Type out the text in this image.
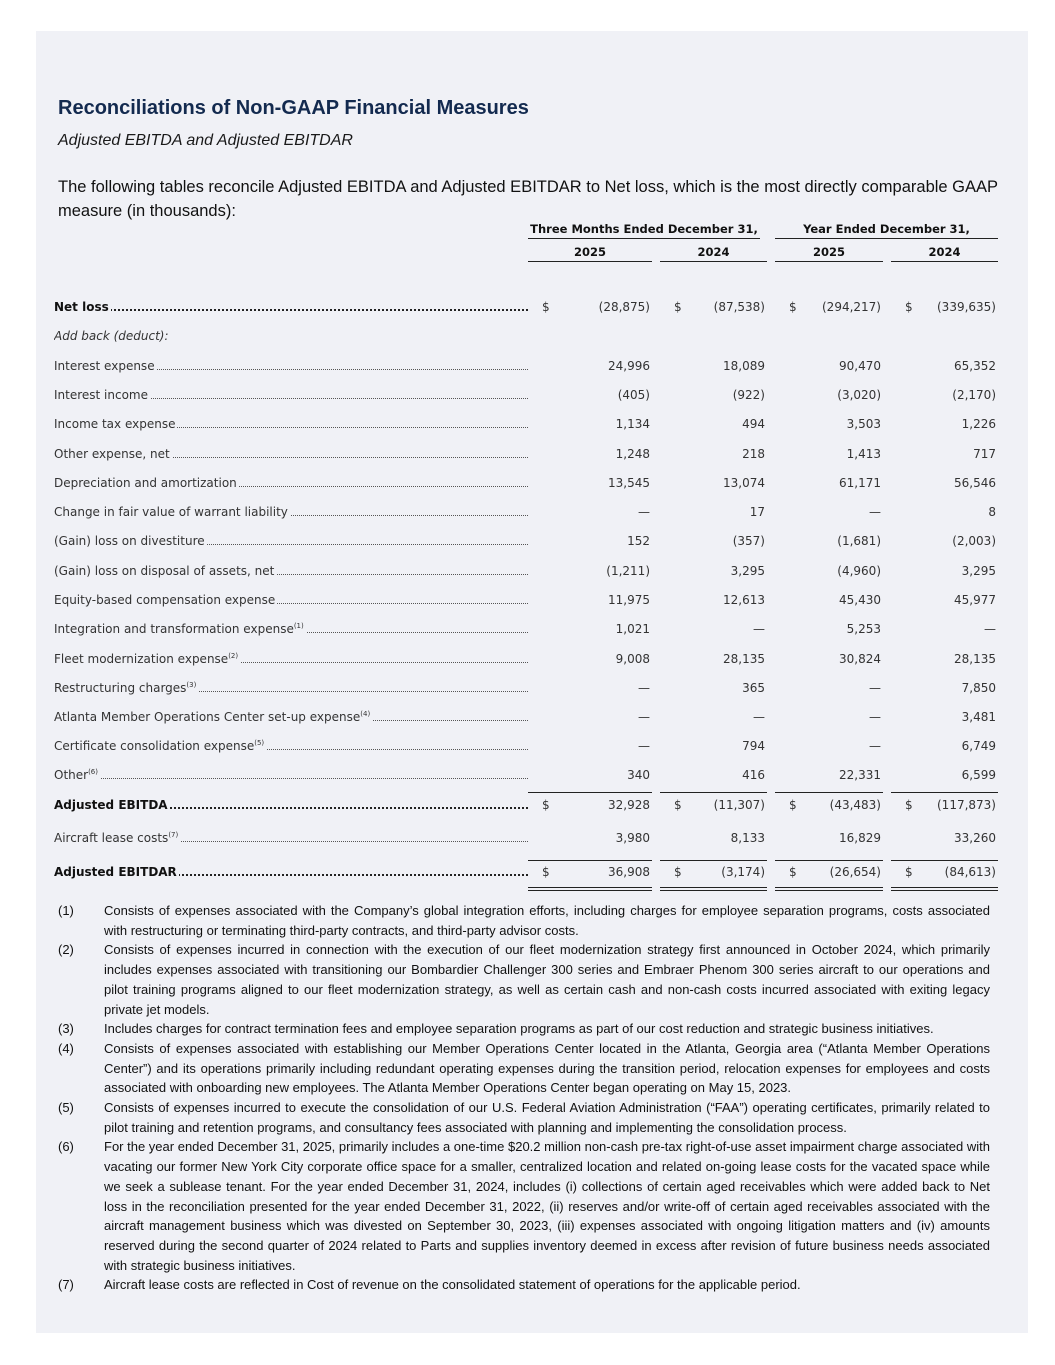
Reconciliations of Non-GAAP Financial Measures
Adjusted EBITDA and Adjusted EBITDAR

The following tables reconcile Adjusted EBITDA and Adjusted EBITDAR to Net loss, which is the most directly comparable GAAP measure (in thousands):

Three Months Ended December 31,	Year Ended December 31,
2025	2024	2025	2024
Net loss	$	(28,875) $	(87,538) $ (294,217) $ (339,635)
Add back (deduct):
Interest expense	24,996	18,089	90,470	65,352
Interest income	(405)	(922)	(3,020)	(2,170)
Income tax expense	1,134	494	3,503	1,226
Other expense, net	1,248	218	1,413	717
Depreciation and amortization	13,545	13,074	61,171	56,546
Change in fair value of warrant liability	—	17	—	8
(Gain) loss on divestiture	152	(357)	(1,681)	(2,003)
(Gain) loss on disposal of assets, net	(1,211)	3,295	(4,960)	3,295
Equity-based compensation expense	11,975	12,613	45,430	45,977
Integration and transformation expense$^{(1)}$	1,021	—	5,253	—
Fleet modernization expense$^{(2)}$	9,008	28,135	30,824	28,135
Restructuring charges$^{(3)}$	—	365	—	7,850
Atlanta Member Operations Center set-up expense$^{(4)}$	—	—	—	3,481
Certificate consolidation expense$^{(5)}$	—	794	—	6,749
Other$^{(6)}$	340	416	22,331	6,599
Adjusted EBITDA	$	32,928 $	(11,307) $	(43,483) $ (117,873)
Aircraft lease costs$^{(7)}$	3,980	8,133	16,829	33,260
Adjusted EBITDAR	$	36,908 $	(3,174) $	(26,654) $	(84,613)
(1) Consists of expenses associated with the Company’s global integration efforts, including charges for employee separation programs, costs associated with restructuring or terminating third-party contracts, and third-party advisor costs.
(2) Consists of expenses incurred in connection with the execution of our fleet modernization strategy first announced in October 2024, which primarily includes expenses associated with transitioning our Bombardier Challenger 300 series and Embraer Phenom 300 series aircraft to our operations and pilot training programs aligned to our fleet modernization strategy, as well as certain cash and non-cash costs incurred associated with exiting legacy private jet models.
(3) Includes charges for contract termination fees and employee separation programs as part of our cost reduction and strategic business initiatives.
(4) Consists of expenses associated with establishing our Member Operations Center located in the Atlanta, Georgia area (“Atlanta Member Operations Center”) and its operations primarily including redundant operating expenses during the transition period, relocation expenses for employees and costs associated with onboarding new employees. The Atlanta Member Operations Center began operating on May 15, 2023.
(5) Consists of expenses incurred to execute the consolidation of our U.S. Federal Aviation Administration (“FAA”) operating certificates, primarily related to pilot training and retention programs, and consultancy fees associated with planning and implementing the consolidation process.
(6) For the year ended December 31, 2025, primarily includes a one-time $20.2 million non-cash pre-tax right-of-use asset impairment charge associated with vacating our former New York City corporate office space for a smaller, centralized location and related on-going lease costs for the vacated space while we seek a sublease tenant. For the year ended December 31, 2024, includes (i) collections of certain aged receivables which were added back to Net loss in the reconciliation presented for the year ended December 31, 2022, (ii) reserves and/or write-off of certain aged receivables associated with the aircraft management business which was divested on September 30, 2023, (iii) expenses associated with ongoing litigation matters and (iv) amounts reserved during the second quarter of 2024 related to Parts and supplies inventory deemed in excess after revision of future business needs associated with strategic business initiatives.
(7) Aircraft lease costs are reflected in Cost of revenue on the consolidated statement of operations for the applicable period.
